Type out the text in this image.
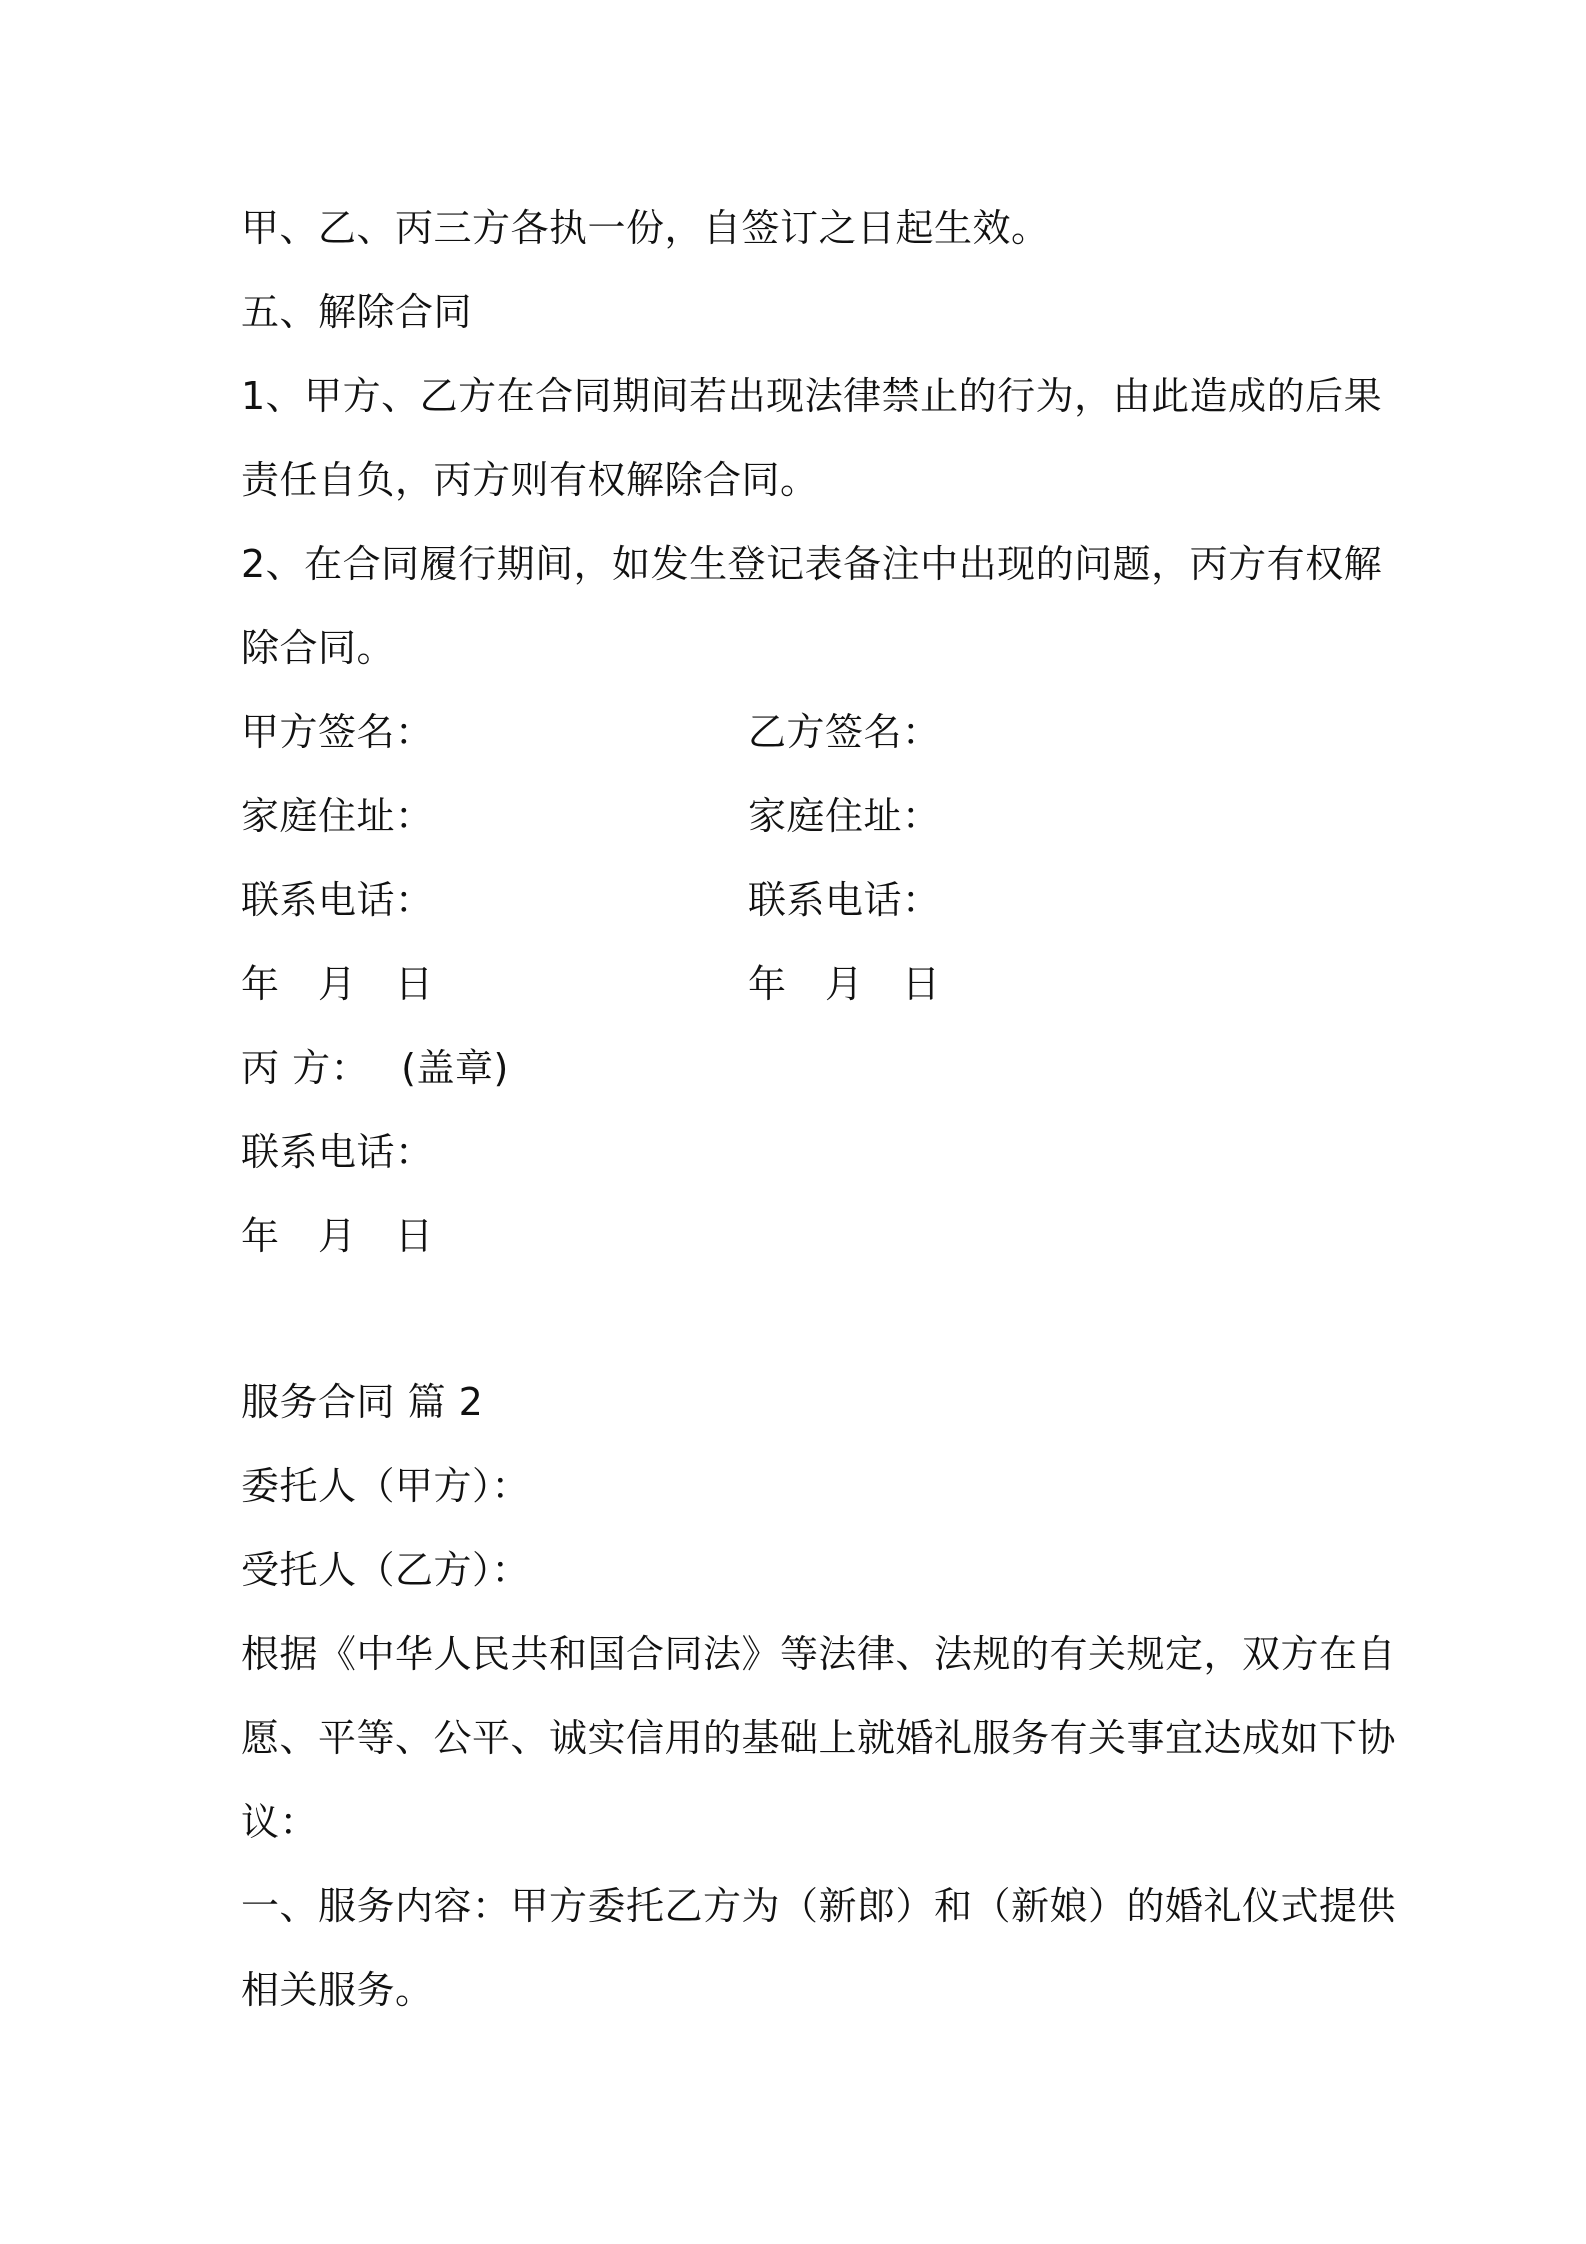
甲、乙、丙三方各执一份，自签订之日起生效。
五、解除合同
1、甲方、乙方在合同期间若出现法律禁止的行为，由此造成的后果
责任自负，丙方则有权解除合同。
2、在合同履行期间，如发生登记表备注中出现的问题，丙方有权解
除合同。
甲方签名：	乙方签名：
家庭住址：	家庭住址：
联系电话：	联系电话：
年　月　日	年　月　日
丙 方：　 (盖章)
联系电话：
年　月　日
服务合同 篇 2
委托人（甲方）：
受托人（乙方）：
根据《中华人民共和国合同法》等法律、法规的有关规定，双方在自
愿、平等、公平、诚实信用的基础上就婚礼服务有关事宜达成如下协
议：
一、服务内容：甲方委托乙方为（新郎）和（新娘）的婚礼仪式提供
相关服务。
